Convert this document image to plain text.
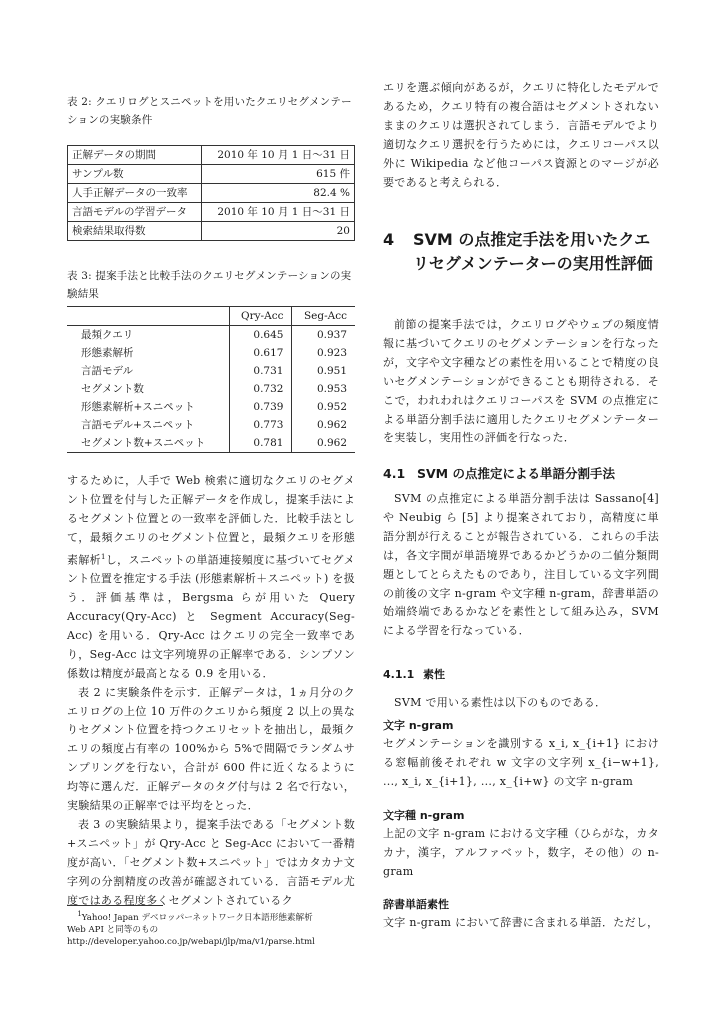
表 2: クエリログとスニペットを用いたクエリセグメンテーションの実験条件
正解データの期間	2010 年 10 月 1 日〜31 日
サンプル数	615 件
人手正解データの一致率	82.4 %
言語モデルの学習データ	2010 年 10 月 1 日〜31 日
検索結果取得数	20
表 3: 提案手法と比較手法のクエリセグメンテーションの実験結果
	Qry-Acc	Seg-Acc
最頻クエリ	0.645	0.937
形態素解析	0.617	0.923
言語モデル	0.731	0.951
セグメント数	0.732	0.953
形態素解析+スニペット	0.739	0.952
言語モデル+スニペット	0.773	0.962
セグメント数+スニペット	0.781	0.962

するために，人手で Web 検索に適切なクエリのセグメント位置を付与した正解データを作成し，提案手法によるセグメント位置との一致率を評価した．比較手法として，最頻クエリのセグメント位置と，最頻クエリを形態素解析$^1$し，スニペットの単語連接頻度に基づいてセグメント位置を推定する手法 (形態素解析＋スニペット) を扱う．評価基準は，Bergsma らが用いた Query Accuracy(Qry-Acc) と Segment Accuracy(Seg-Acc) を用いる．Qry-Acc はクエリの完全一致率であり，Seg-Acc は文字列境界の正解率である．シンプソン係数は精度が最高となる 0.9 を用いる．

表 2 に実験条件を示す．正解データは，1ヵ月分のクエリログの上位 10 万件のクエリから頻度 2 以上の異なりセグメント位置を持つクエリセットを抽出し，最頻クエリの頻度占有率の 100%から 5%で間隔でランダムサンプリングを行ない，合計が 600 件に近くなるように均等に選んだ．正解データのタグ付与は 2 名で行ない，実験結果の正解率では平均をとった．

表 3 の実験結果より，提案手法である「セグメント数+スニペット」が Qry-Acc と Seg-Acc において一番精度が高い．「セグメント数+スニペット」ではカタカナ文字列の分割精度の改善が確認されている．言語モデル尤度ではある程度多くセグメントされているク

$^1$Yahoo! Japan デベロッパーネットワーク日本語形態素解析
Web API と同等のもの
http://developer.yahoo.co.jp/webapi/jlp/ma/v1/parse.html

エリを選ぶ傾向があるが，クエリに特化したモデルであるため，クエリ特有の複合語はセグメントされないままのクエリは選択されてしまう．言語モデルでより適切なクエリ選択を行うためには，クエリコーパス以外に Wikipedia など他コーパス資源とのマージが必要であると考えられる．

4 SVM の点推定手法を用いたクエリセグメンテーターの実用性評価

前節の提案手法では，クエリログやウェブの頻度情報に基づいてクエリのセグメンテーションを行なったが，文字や文字種などの素性を用いることで精度の良いセグメンテーションができることも期待される．そこで，われわれはクエリコーパスを SVM の点推定による単語分割手法に適用したクエリセグメンテーターを実装し，実用性の評価を行なった．

4.1 SVM の点推定による単語分割手法

SVM の点推定による単語分割手法は Sassano[4] や Neubig ら [5] より提案されており，高精度に単語分割が行えることが報告されている．これらの手法は，各文字間が単語境界であるかどうかの二値分類問題としてとらえたものであり，注目している文字列間の前後の文字 n-gram や文字種 n-gram，辞書単語の始端終端であるかなどを素性として組み込み，SVM による学習を行なっている．

4.1.1 素性

SVM で用いる素性は以下のものである．

文字 n-gram

セグメンテーションを識別する x_i, x_{i+1} における窓幅前後それぞれ w 文字の文字列 x_{i−w+1}, ..., x_i, x_{i+1}, ..., x_{i+w} の文字 n-gram

文字種 n-gram

上記の文字 n-gram における文字種（ひらがな，カタカナ，漢字，アルファベット，数字，その他）の n-gram

辞書単語素性

文字 n-gram において辞書に含まれる単語．ただし，
